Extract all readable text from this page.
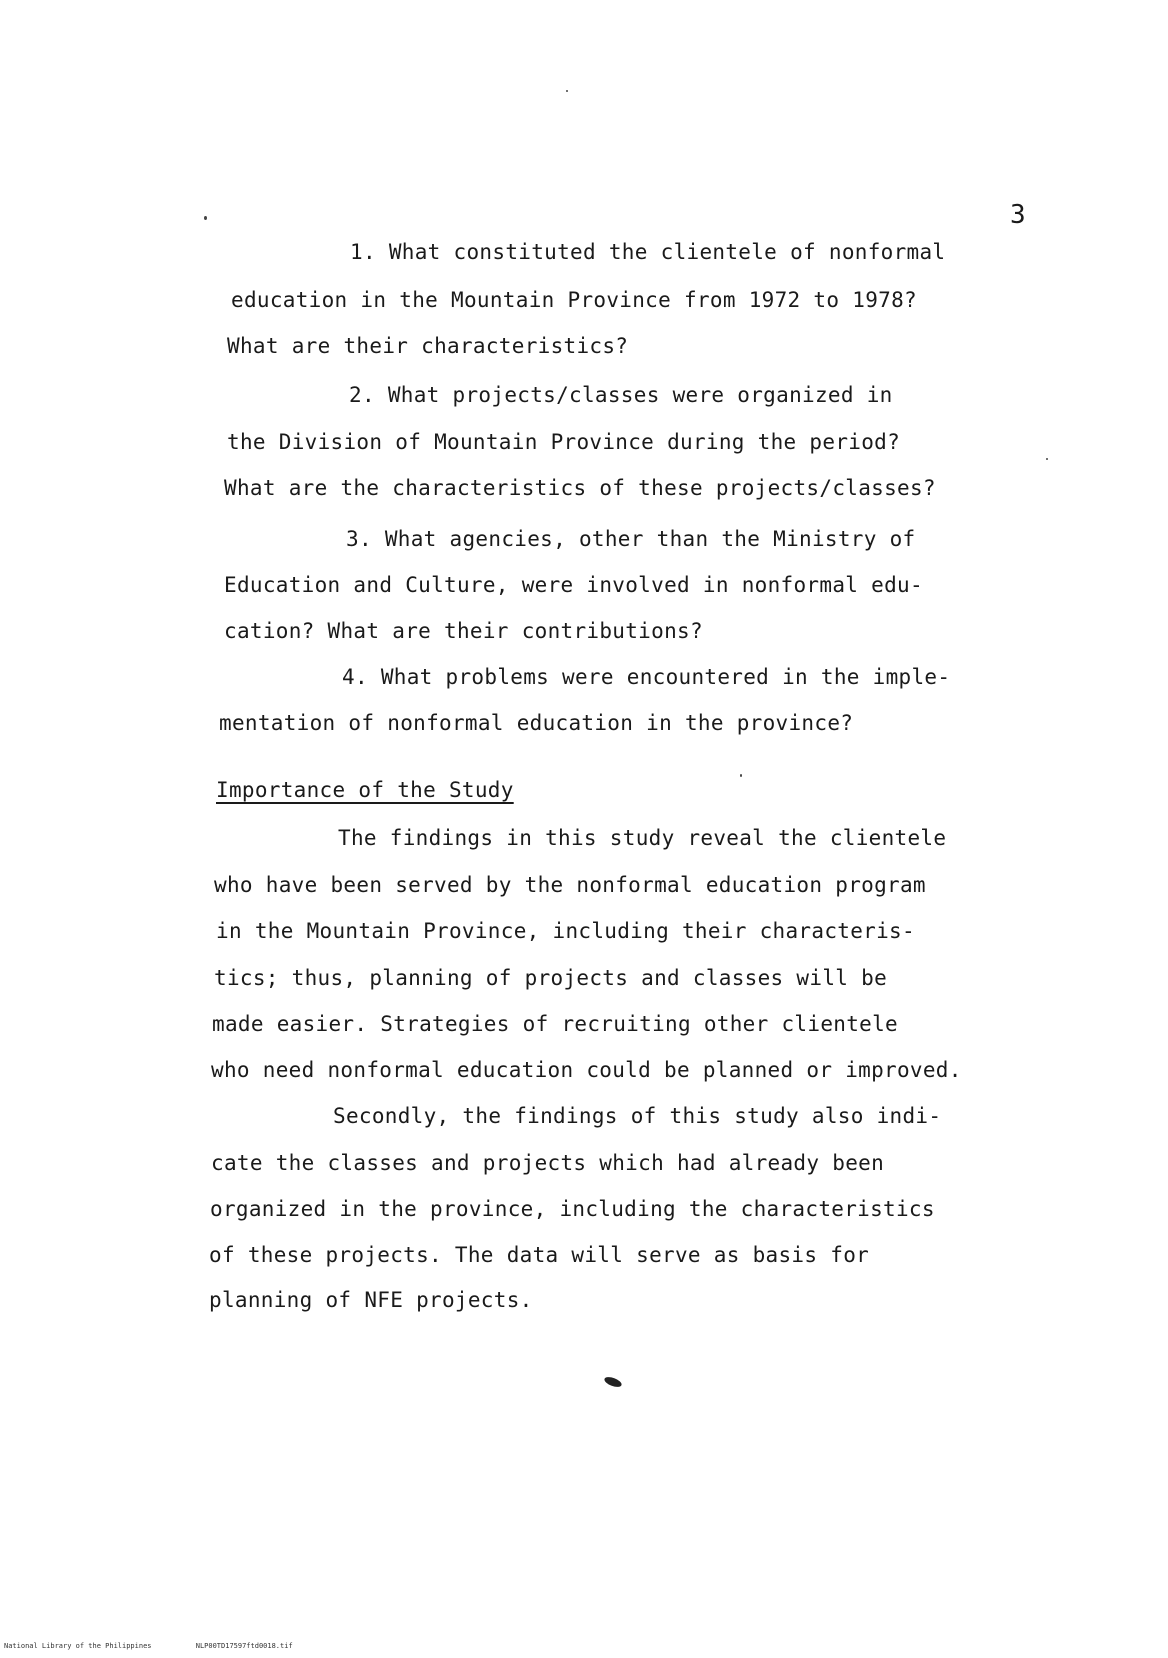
3
1. What constituted the clientele of nonformal
education in the Mountain Province from 1972 to 1978?
What are their characteristics?
2. What projects/classes were organized in
the Division of Mountain Province during the period?
What are the characteristics of these projects/classes?
3. What agencies, other than the Ministry of
Education and Culture, were involved in nonformal edu-
cation? What are their contributions?
4. What problems were encountered in the imple-
mentation of nonformal education in the province?
Importance of the Study
The findings in this study reveal the clientele
who have been served by the nonformal education program
in the Mountain Province, including their characteris-
tics; thus, planning of projects and classes will be
made easier. Strategies of recruiting other clientele
who need nonformal education could be planned or improved.
Secondly, the findings of this study also indi-
cate the classes and projects which had already been
organized in the province, including the characteristics
of these projects. The data will serve as basis for
planning of NFE projects.
National Library of the Philippines	NLP00TD17597ftd0018.tif
